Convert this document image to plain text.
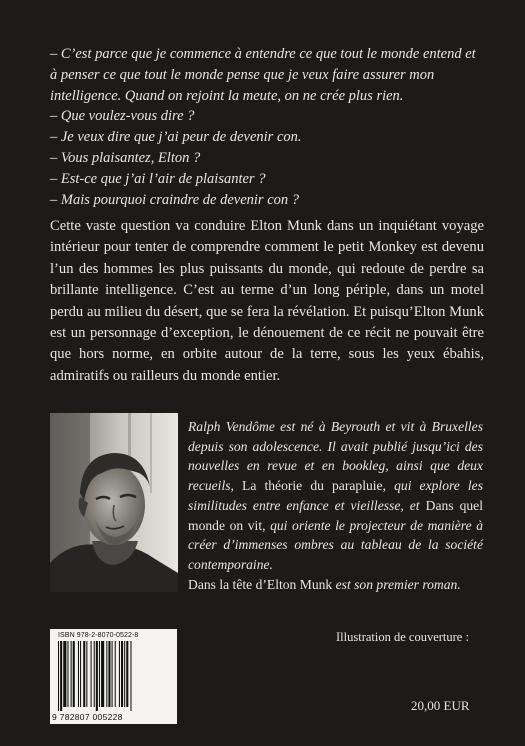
– C’est parce que je commence à entendre ce que tout le monde entend et à penser ce que tout le monde pense que je veux faire assurer mon intelligence. Quand on rejoint la meute, on ne crée plus rien.

– Que voulez-vous dire ?

– Je veux dire que j’ai peur de devenir con.

– Vous plaisantez, Elton ?

– Est-ce que j’ai l’air de plaisanter ?

– Mais pourquoi craindre de devenir con ?

Cette vaste question va conduire Elton Munk dans un inquiétant voyage intérieur pour tenter de comprendre comment le petit Monkey est devenu l’un des hommes les plus puissants du monde, qui redoute de perdre sa brillante intelligence. C’est au terme d’un long périple, dans un motel perdu au milieu du désert, que se fera la révélation. Et puisqu’Elton Munk est un personnage d’exception, le dénouement de ce récit ne pouvait être que hors norme, en orbite autour de la terre, sous les yeux ébahis, admiratifs ou railleurs du monde entier.

Ralph Vendôme est né à Beyrouth et vit à Bruxelles depuis son adolescence. Il avait publié jusqu’ici des nouvelles en revue et en bookleg, ainsi que deux recueils, La théorie du parapluie, qui explore les similitudes entre enfance et vieillesse, et Dans quel monde on vit, qui oriente le projecteur de manière à créer d’immenses ombres au tableau de la société contemporaine.

Dans la tête d’Elton Munk est son premier roman.

ISBN 978-2-8070-0522-8
9 782807 005228
Illustration de couverture :
20,00 EUR
